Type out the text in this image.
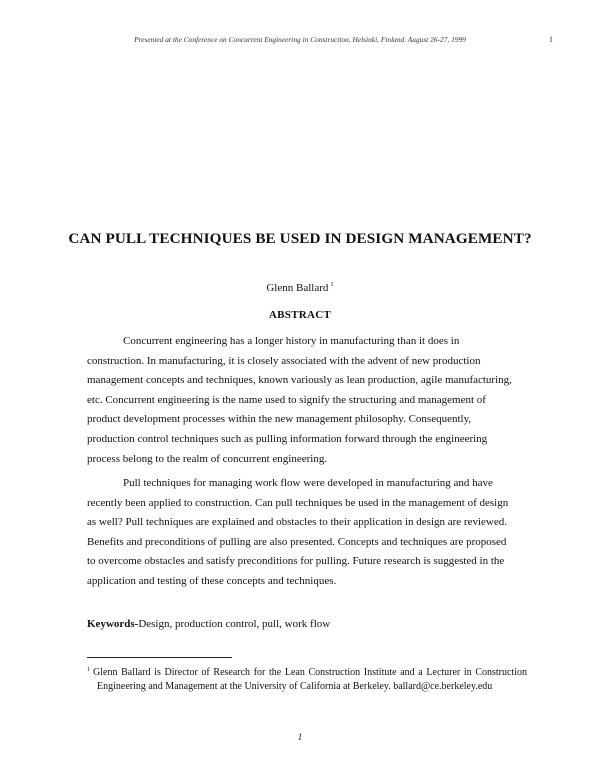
Presented at the Conference on Concurrent Engineering in Construction, Helsinki, Finland. August 26-27, 1999	1
CAN PULL TECHNIQUES BE USED IN DESIGN MANAGEMENT?
Glenn Ballard $^1$
ABSTRACT
Concurrent engineering has a longer history in manufacturing than it does in construction. In manufacturing, it is closely associated with the advent of new production management concepts and techniques, known variously as lean production, agile manufacturing, etc. Concurrent engineering is the name used to signify the structuring and management of product development processes within the new management philosophy. Consequently, production control techniques such as pulling information forward through the engineering process belong to the realm of concurrent engineering.
Pull techniques for managing work flow were developed in manufacturing and have recently been applied to construction. Can pull techniques be used in the management of design as well? Pull techniques are explained and obstacles to their application in design are reviewed. Benefits and preconditions of pulling are also presented. Concepts and techniques are proposed to overcome obstacles and satisfy preconditions for pulling. Future research is suggested in the application and testing of these concepts and techniques.
Keywords-Design, production control, pull, work flow
$^1$ Glenn Ballard is Director of Research for the Lean Construction Institute and a Lecturer in Construction Engineering and Management at the University of California at Berkeley. ballard@ce.berkeley.edu
1
